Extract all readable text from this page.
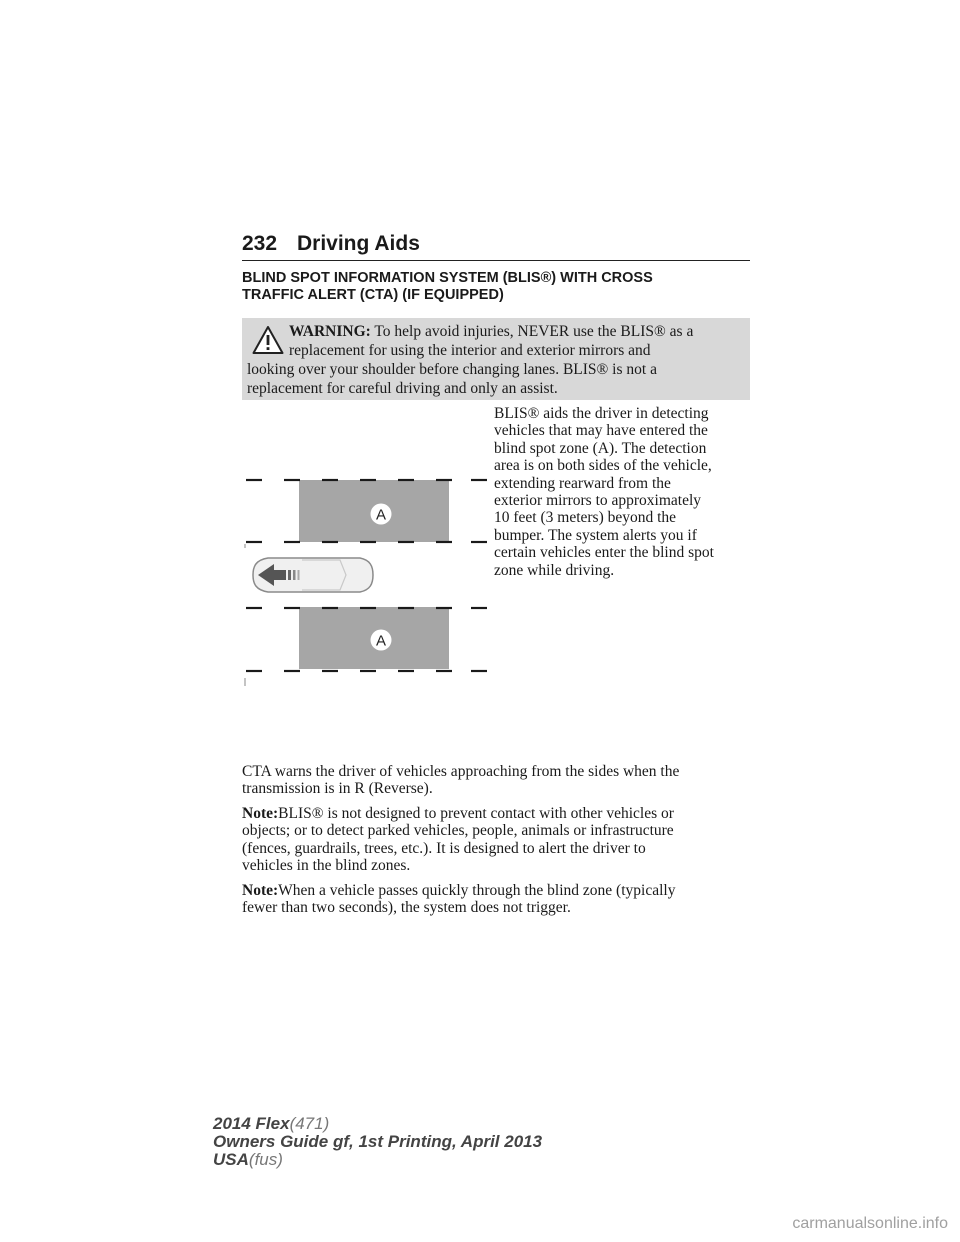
232 Driving Aids
BLIND SPOT INFORMATION SYSTEM (BLIS®) WITH CROSS
TRAFFIC ALERT (CTA) (IF EQUIPPED)
WARNING: To help avoid injuries, NEVER use the BLIS® as a
replacement for using the interior and exterior mirrors and
looking over your shoulder before changing lanes. BLIS® is not a
replacement for careful driving and only an assist.
A
A
BLIS® aids the driver in detecting
vehicles that may have entered the
blind spot zone (A). The detection
area is on both sides of the vehicle,
extending rearward from the
exterior mirrors to approximately
10 feet (3 meters) beyond the
bumper. The system alerts you if
certain vehicles enter the blind spot
zone while driving.
CTA warns the driver of vehicles approaching from the sides when the
transmission is in R (Reverse).
Note:BLIS® is not designed to prevent contact with other vehicles or
objects; or to detect parked vehicles, people, animals or infrastructure
(fences, guardrails, trees, etc.). It is designed to alert the driver to
vehicles in the blind zones.
Note:When a vehicle passes quickly through the blind zone (typically
fewer than two seconds), the system does not trigger.
2014 Flex(471)
Owners Guide gf, 1st Printing, April 2013
USA(fus)
carmanualsonline.info
